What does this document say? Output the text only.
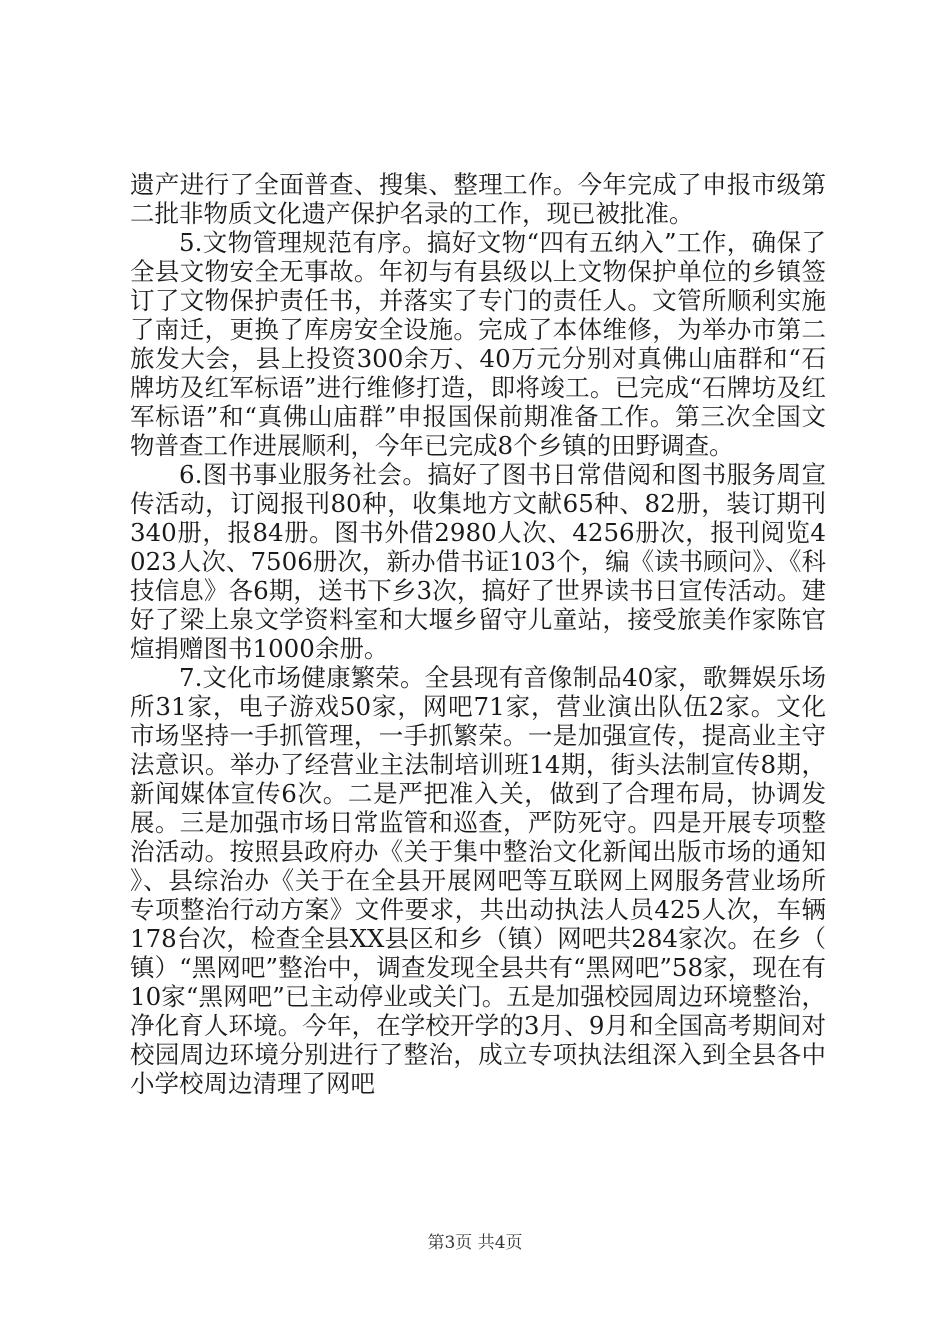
遗产进行了全面普查、搜集、整理工作。今年完成了申报市级第二批非物质文化遗产保护名录的工作，现已被批准。

5.文物管理规范有序。搞好文物“四有五纳入”工作，确保了全县文物安全无事故。年初与有县级以上文物保护单位的乡镇签订了文物保护责任书，并落实了专门的责任人。文管所顺利实施了南迁，更换了库房安全设施。完成了本体维修，为举办市第二旅发大会，县上投资300余万、40万元分别对真佛山庙群和“石牌坊及红军标语”进行维修打造，即将竣工。已完成“石牌坊及红军标语”和“真佛山庙群”申报国保前期准备工作。第三次全国文物普查工作进展顺利，今年已完成8个乡镇的田野调查。

6.图书事业服务社会。搞好了图书日常借阅和图书服务周宣传活动，订阅报刊80种，收集地方文献65种、82册，装订期刊340册，报84册。图书外借2980人次、4256册次，报刊阅览4023人次、7506册次，新办借书证103个，编《读书顾问》、《科技信息》各6期，送书下乡3次，搞好了世界读书日宣传活动。建好了梁上泉文学资料室和大堰乡留守儿童站，接受旅美作家陈官煊捐赠图书1000余册。

7.文化市场健康繁荣。全县现有音像制品40家，歌舞娱乐场所31家，电子游戏50家，网吧71家，营业演出队伍2家。文化市场坚持一手抓管理，一手抓繁荣。一是加强宣传，提高业主守法意识。举办了经营业主法制培训班14期，街头法制宣传8期，新闻媒体宣传6次。二是严把准入关，做到了合理布局，协调发展。三是加强市场日常监管和巡查，严防死守。四是开展专项整治活动。按照县政府办《关于集中整治文化新闻出版市场的通知》、县综治办《关于在全县开展网吧等互联网上网服务营业场所专项整治行动方案》文件要求，共出动执法人员425人次，车辆178台次，检查全县XX县区和乡（镇）网吧共284家次。在乡（镇）“黑网吧”整治中，调查发现全县共有“黑网吧”58家，现在有10家“黑网吧”已主动停业或关门。五是加强校园周边环境整治，净化育人环境。今年，在学校开学的3月、9月和全国高考期间对校园周边环境分别进行了整治，成立专项执法组深入到全县各中小学校周边清理了网吧

第3页 共4页
